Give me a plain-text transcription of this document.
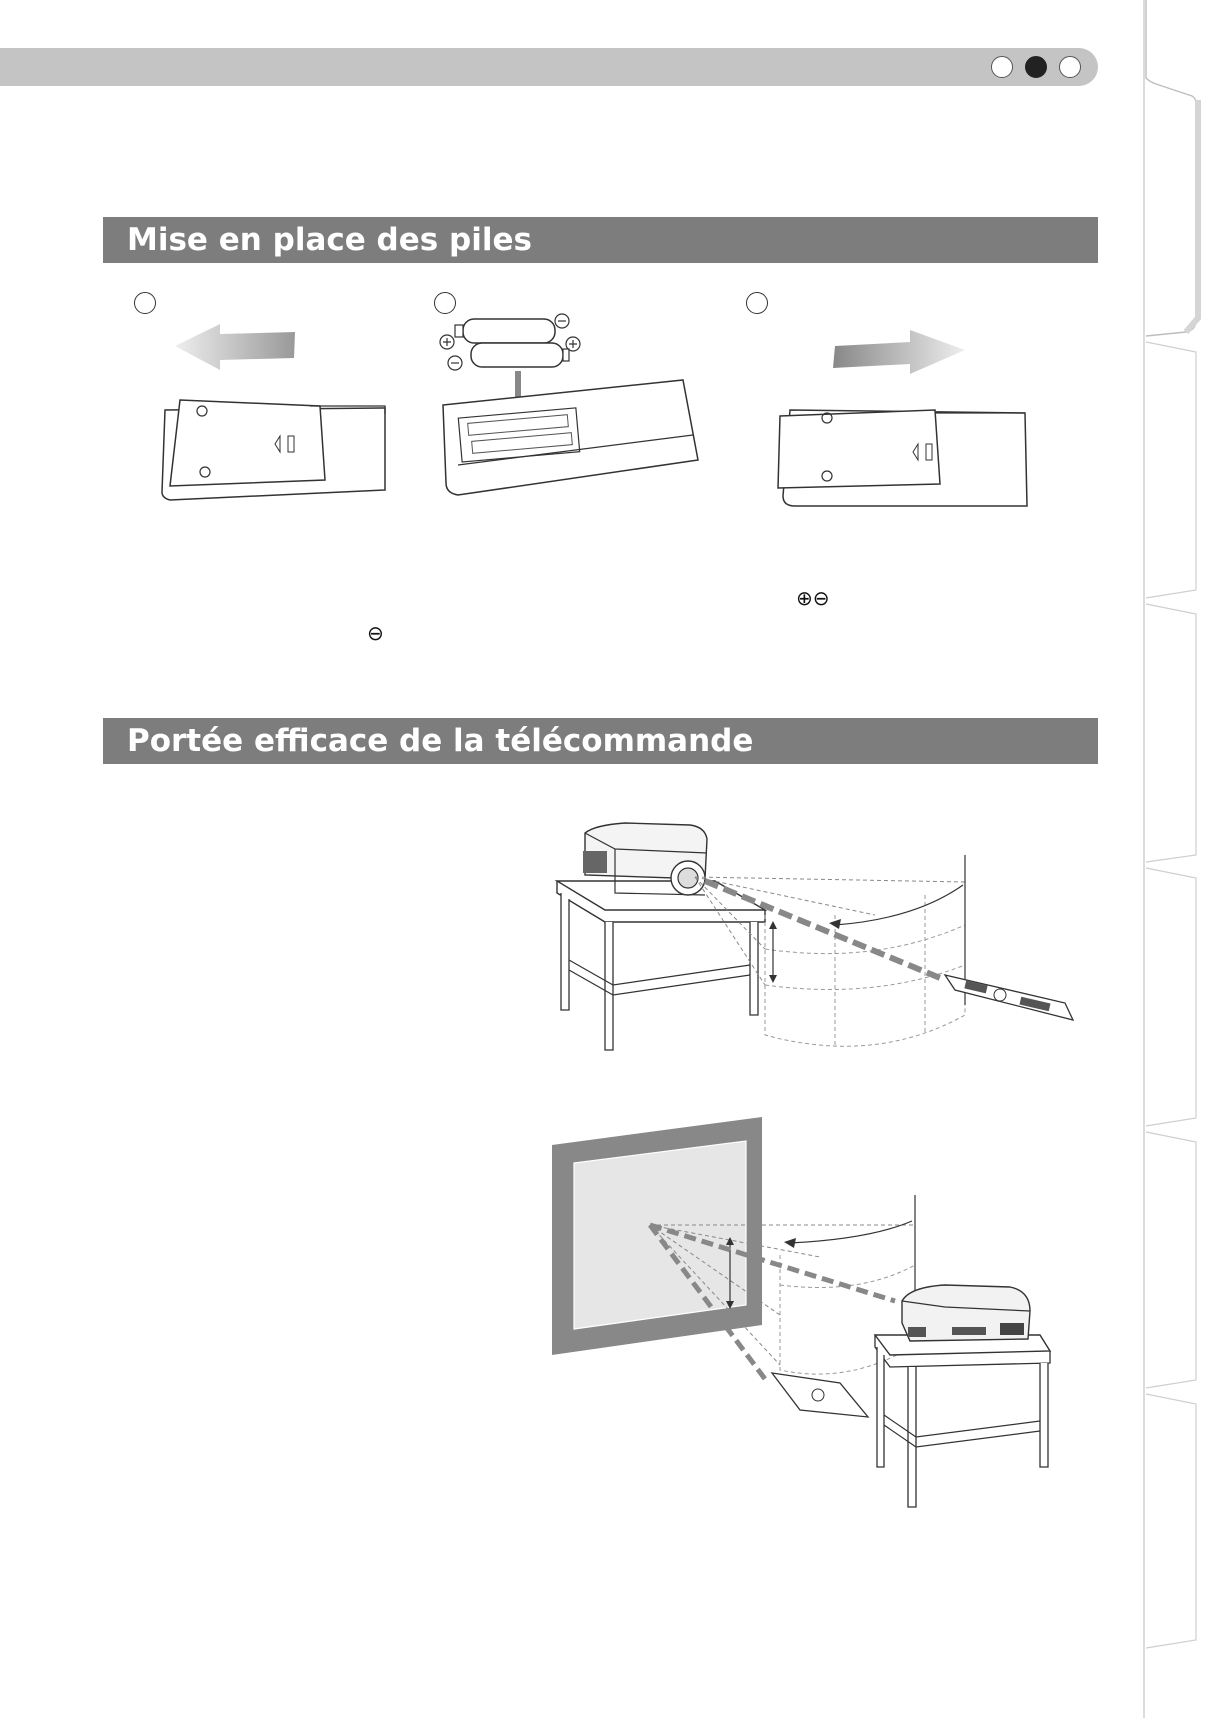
Mise en place des piles
⊕⊖
⊖
Portée efficace de la télécommande
